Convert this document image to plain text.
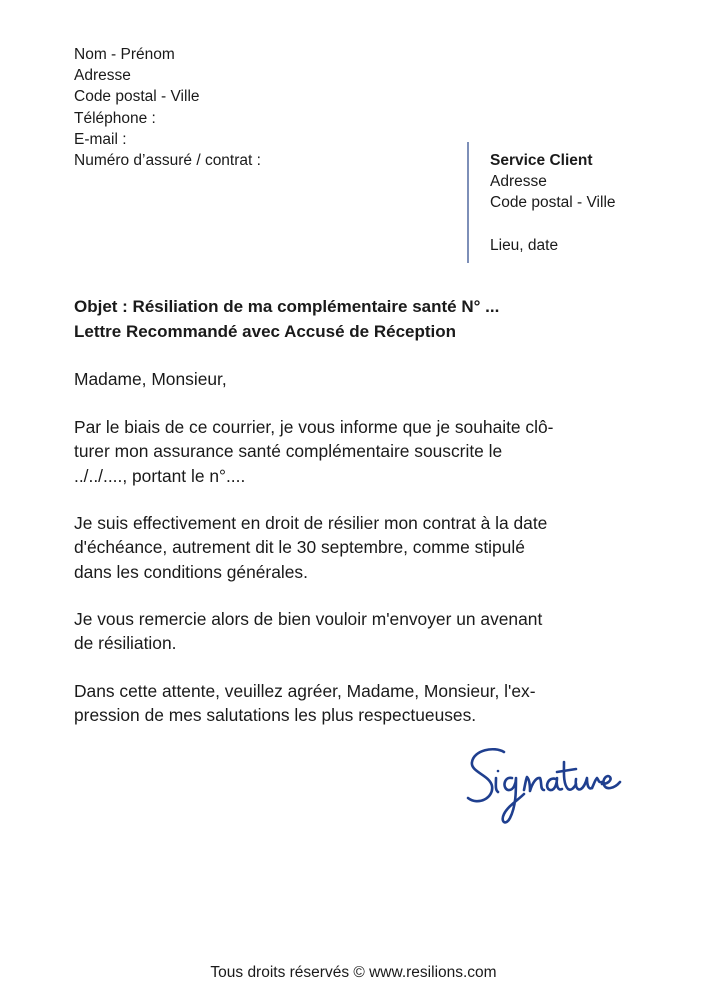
Nom - Prénom
Adresse
Code postal - Ville
Téléphone :
E-mail :
Numéro d’assuré / contrat :	Service Client
Adresse
Code postal - Ville
Lieu, date
Objet : Résiliation de ma complémentaire santé N° ...
Lettre Recommandé avec Accusé de Réception

Madame, Monsieur,

Par le biais de ce courrier, je vous informe que je souhaite clô-
turer mon assurance santé complémentaire souscrite le
../../...., portant le n°....

Je suis effectivement en droit de résilier mon contrat à la date
d'échéance, autrement dit le 30 septembre, comme stipulé
dans les conditions générales.

Je vous remercie alors de bien vouloir m'envoyer un avenant
de résiliation.

Dans cette attente, veuillez agréer, Madame, Monsieur, l'ex-
pression de mes salutations les plus respectueuses.

Tous droits réservés © www.resilions.com
